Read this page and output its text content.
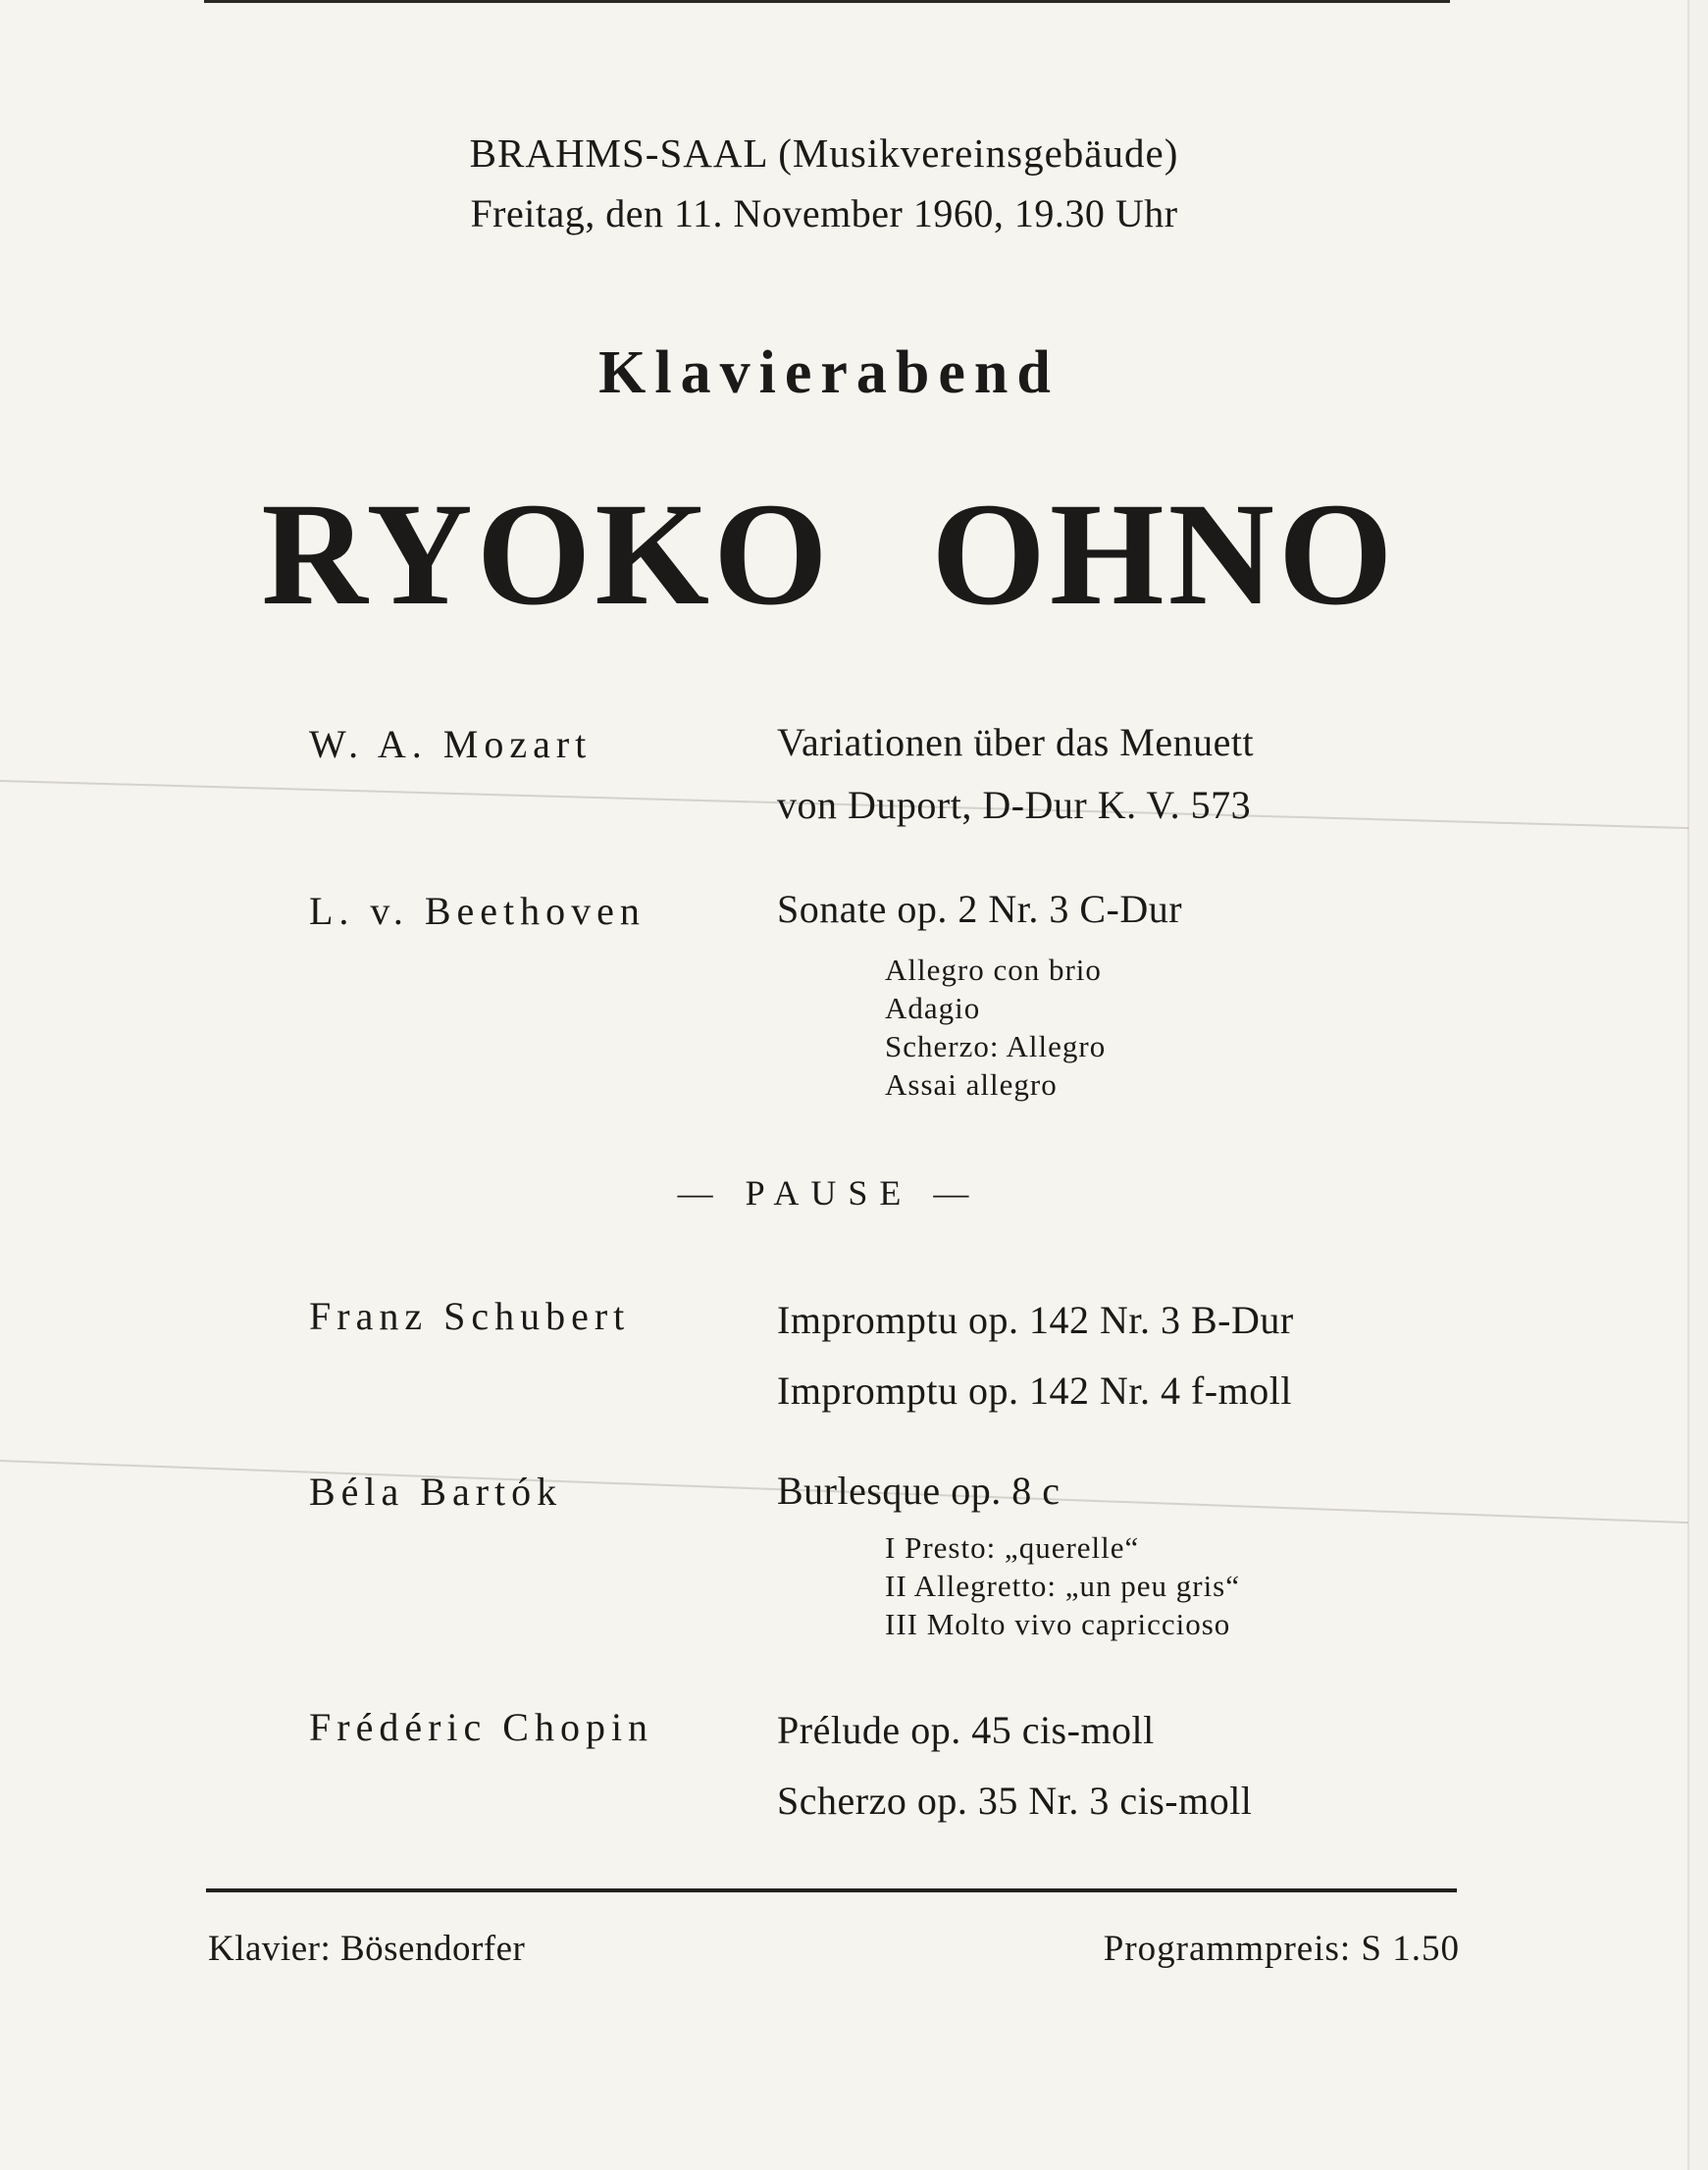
BRAHMS-SAAL (Musikvereinsgebäude)
Freitag, den 11. November 1960, 19.30 Uhr
Klavierabend
RYOKO OHNO
W. A. Mozart	Variationen über das Menuett
von Duport, D-Dur K. V. 573
L. v. Beethoven	Sonate op. 2 Nr. 3 C-Dur
Allegro con brio
Adagio
Scherzo: Allegro
Assai allegro
— PAUSE —
Franz Schubert	Impromptu op. 142 Nr. 3 B-Dur
Impromptu op. 142 Nr. 4 f-moll
Béla Bartók	Burlesque op. 8 c
I Presto: „querelle“
II Allegretto: „un peu gris“
III Molto vivo capriccioso
Frédéric Chopin	Prélude op. 45 cis-moll
Scherzo op. 35 Nr. 3 cis-moll
Klavier: Bösendorfer	Programmpreis: S 1.50
